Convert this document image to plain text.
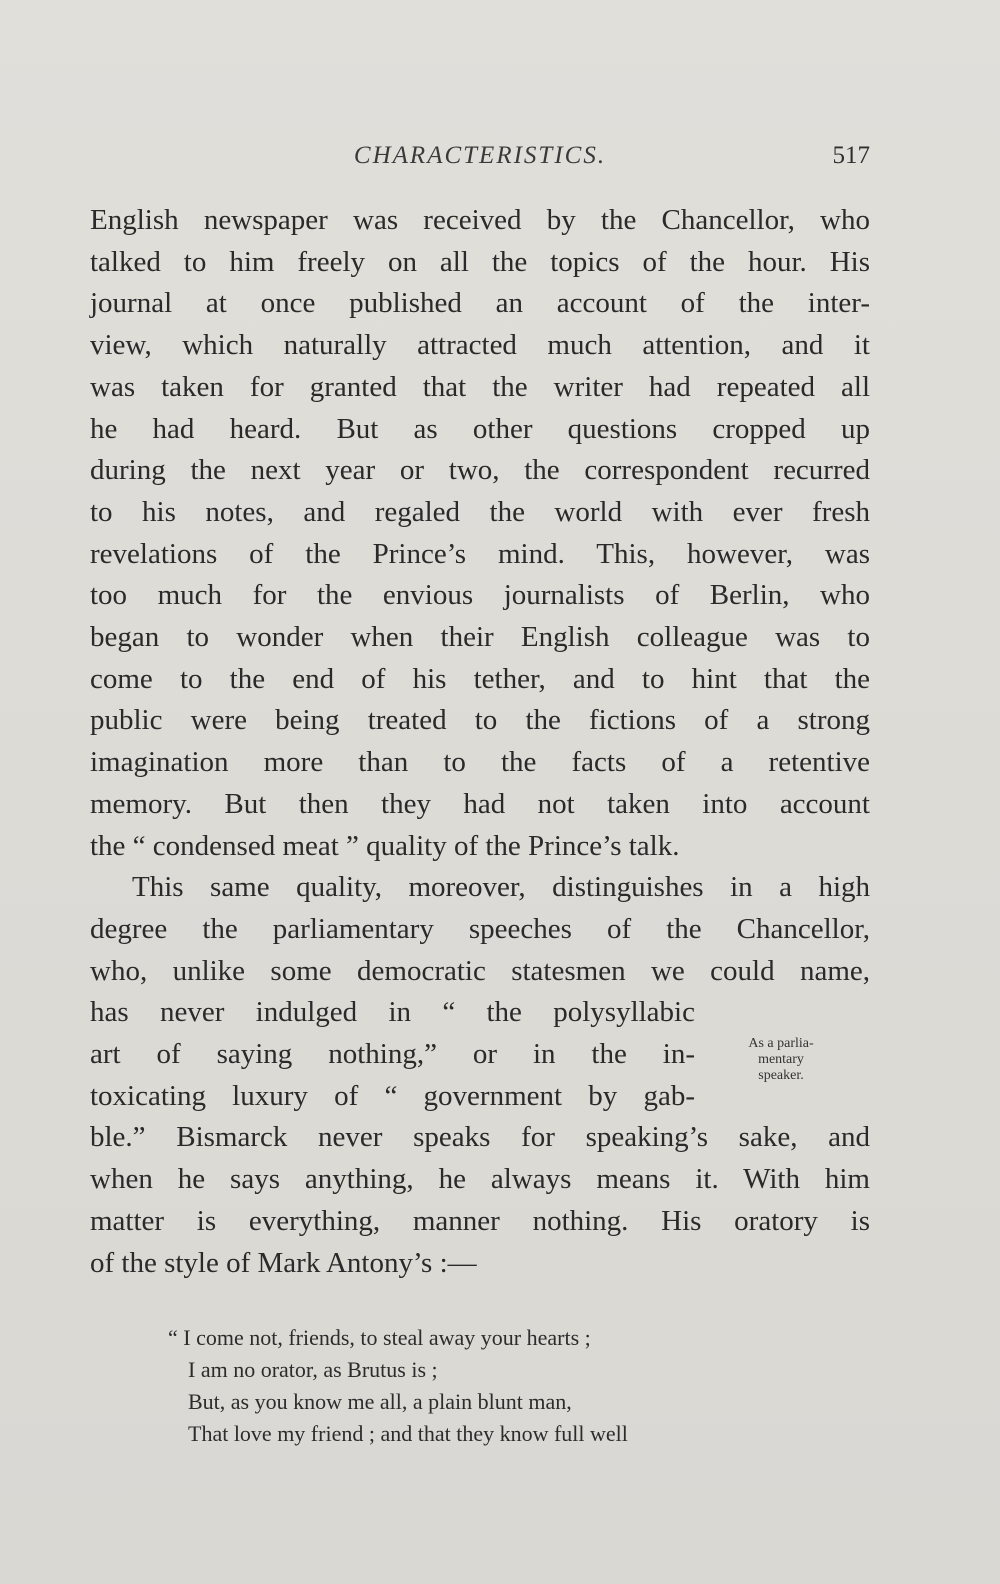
CHARACTERISTICS.	517
English newspaper was received by the Chancellor, who
talked to him freely on all the topics of the hour. His
journal at once published an account of the inter-
view, which naturally attracted much attention, and it
was taken for granted that the writer had repeated all
he had heard. But as other questions cropped up
during the next year or two, the correspondent recurred
to his notes, and regaled the world with ever fresh
revelations of the Prince’s mind. This, however, was
too much for the envious journalists of Berlin, who
began to wonder when their English colleague was to
come to the end of his tether, and to hint that the
public were being treated to the fictions of a strong
imagination more than to the facts of a retentive
memory. But then they had not taken into account
the “ condensed meat ” quality of the Prince’s talk.
This same quality, moreover, distinguishes in a high
degree the parliamentary speeches of the Chancellor,
who, unlike some democratic statesmen we could name,
has never indulged in “ the polysyllabic
art of saying nothing,” or in the in-
toxicating luxury of “ government by gab-
ble.” Bismarck never speaks for speaking’s sake, and
when he says anything, he always means it. With him
matter is everything, manner nothing. His oratory is
of the style of Mark Antony’s :—
As a parlia-
mentary
speaker.
“ I come not, friends, to steal away your hearts ;
I am no orator, as Brutus is ;
But, as you know me all, a plain blunt man,
That love my friend ; and that they know full well
